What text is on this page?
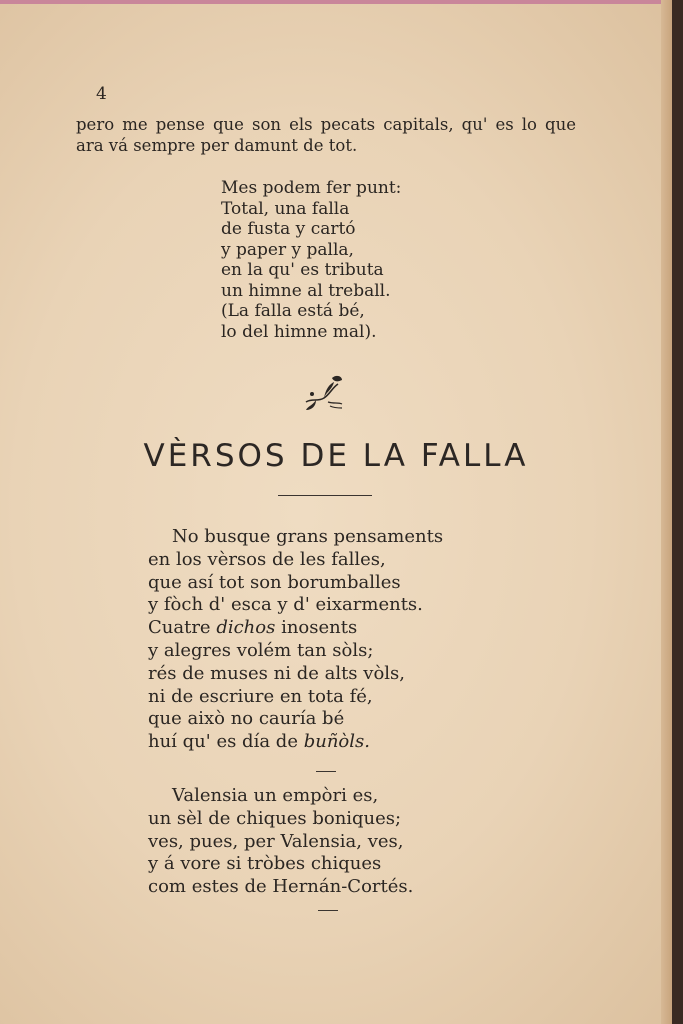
4

pero me pense que son els pecats capitals, qu' es lo que ara vá sempre per damunt de tot.

Mes podem fer punt:
Total, una falla
de fusta y cartó
y paper y palla,
en la qu' es tributa
un himne al treball.
(La falla está bé,
lo del himne mal).
VÈRSOS DE LA FALLA
No busque grans pensaments
en los vèrsos de les falles,
que así tot son borumballes
y fòch d' esca y d' eixarments.
Cuatre dichos inosents
y alegres volém tan sòls;
rés de muses ni de alts vòls,
ni de escriure en tota fé,
que això no cauría bé
huí qu' es día de buñòls.
Valensia un empòri es,
un sèl de chiques boniques;
ves, pues, per Valensia, ves,
y á vore si tròbes chiques
com estes de Hernán-Cortés.
